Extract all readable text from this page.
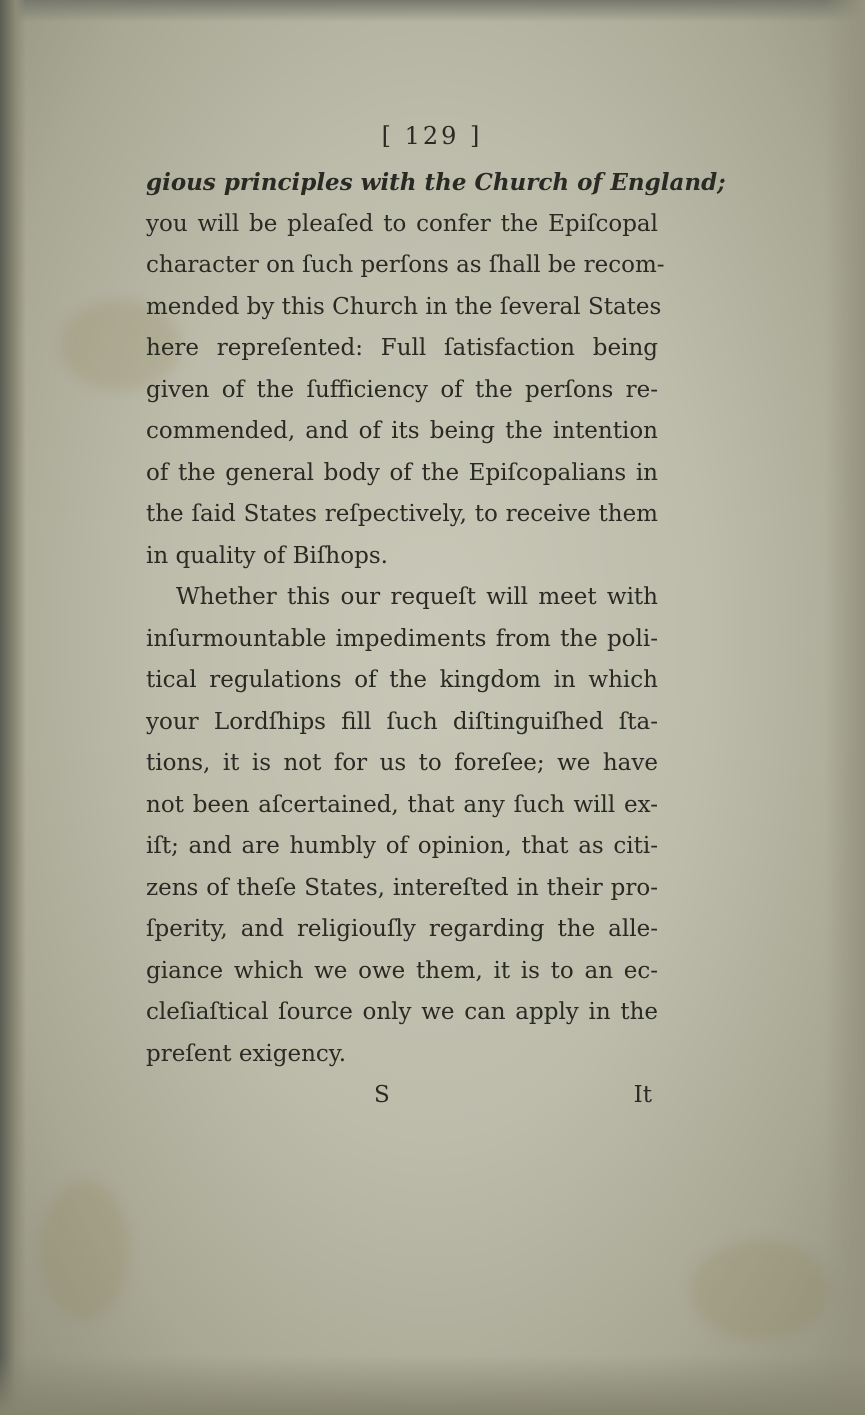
[ 129 ]
gious principles with the Church of England;
you will be pleaſed to confer the Epiſcopal
character on ſuch perſons as ſhall be recom-
mended by this Church in the ſeveral States
here repreſented: Full ſatisfaction being
given of the ſufficiency of the perſons re-
commended, and of its being the intention
of the general body of the Epiſcopalians in
the ſaid States reſpectively, to receive them
in quality of Biſhops.
Whether this our requeſt will meet with
inſurmountable impediments from the poli-
tical regulations of the kingdom in which
your Lordſhips fill ſuch diſtinguiſhed ſta-
tions, it is not for us to foreſee; we have
not been aſcertained, that any ſuch will ex-
iſt; and are humbly of opinion, that as citi-
zens of theſe States, intereſted in their pro-
ſperity, and religiouſly regarding the alle-
giance which we owe them, it is to an ec-
cleſiaſtical ſource only we can apply in the
preſent exigency.
S	It
